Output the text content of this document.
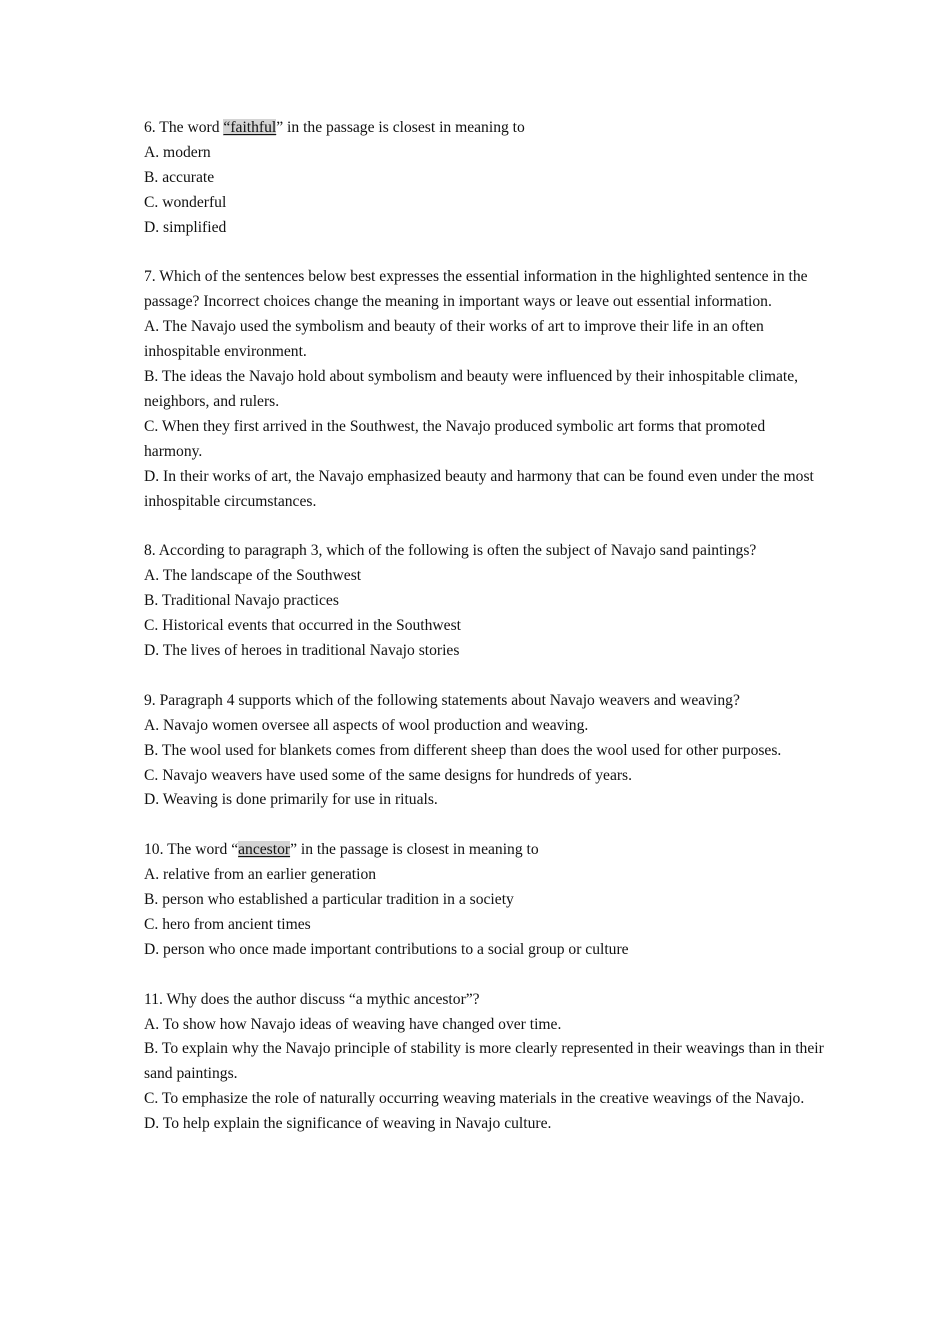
6. The word “faithful” in the passage is closest in meaning to
A. modern
B. accurate
C. wonderful
D. simplified
7. Which of the sentences below best expresses the essential information in the highlighted sentence in the passage? Incorrect choices change the meaning in important ways or leave out essential information.
A. The Navajo used the symbolism and beauty of their works of art to improve their life in an often inhospitable environment.
B. The ideas the Navajo hold about symbolism and beauty were influenced by their inhospitable climate, neighbors, and rulers.
C. When they first arrived in the Southwest, the Navajo produced symbolic art forms that promoted harmony.
D. In their works of art, the Navajo emphasized beauty and harmony that can be found even under the most inhospitable circumstances.
8. According to paragraph 3, which of the following is often the subject of Navajo sand paintings?
A. The landscape of the Southwest
B. Traditional Navajo practices
C. Historical events that occurred in the Southwest
D. The lives of heroes in traditional Navajo stories
9. Paragraph 4 supports which of the following statements about Navajo weavers and weaving?
A. Navajo women oversee all aspects of wool production and weaving.
B. The wool used for blankets comes from different sheep than does the wool used for other purposes.
C. Navajo weavers have used some of the same designs for hundreds of years.
D. Weaving is done primarily for use in rituals.
10. The word “ancestor” in the passage is closest in meaning to
A. relative from an earlier generation
B. person who established a particular tradition in a society
C. hero from ancient times
D. person who once made important contributions to a social group or culture
11. Why does the author discuss “a mythic ancestor”?
A. To show how Navajo ideas of weaving have changed over time.
B. To explain why the Navajo principle of stability is more clearly represented in their weavings than in their sand paintings.
C. To emphasize the role of naturally occurring weaving materials in the creative weavings of the Navajo.
D. To help explain the significance of weaving in Navajo culture.
